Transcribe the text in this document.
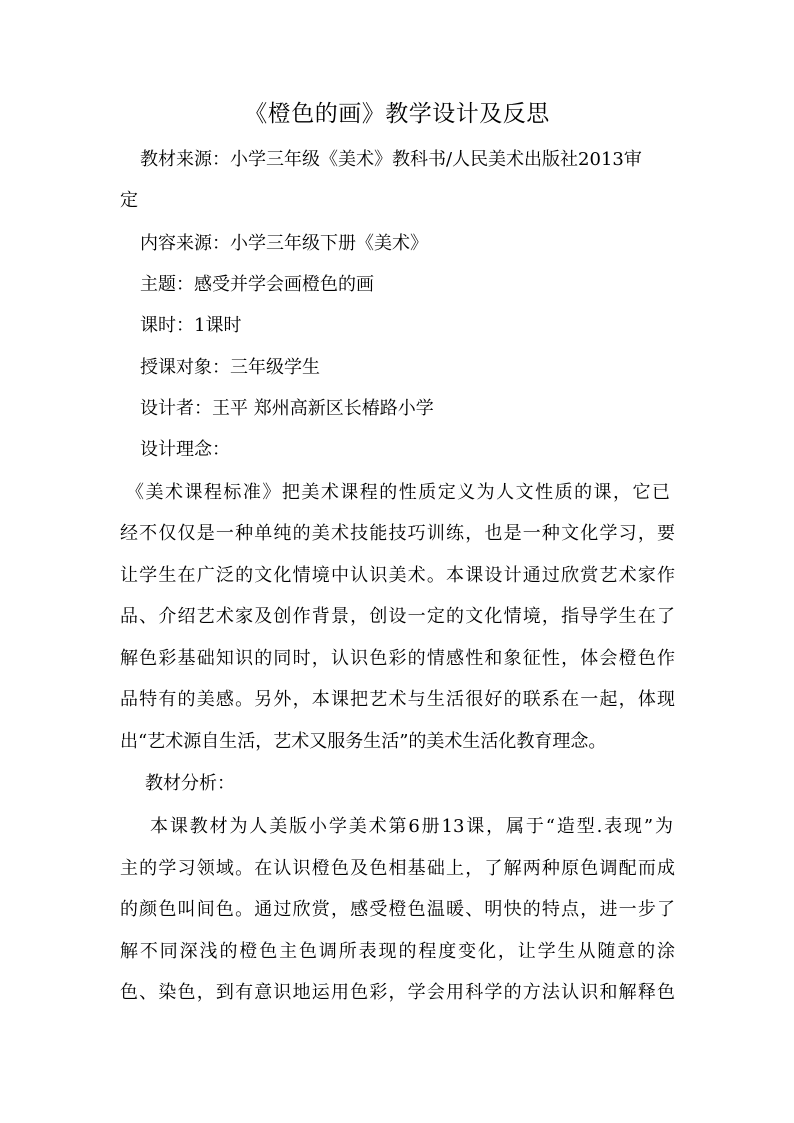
《橙色的画》教学设计及反思
教材来源：小学三年级《美术》教科书/人民美术出版社2013审
定
内容来源：小学三年级下册《美术》
主题：感受并学会画橙色的画
课时：1课时
授课对象：三年级学生
设计者：王平 郑州高新区长椿路小学
设计理念：
《美术课程标准》把美术课程的性质定义为人文性质的课，它已
经不仅仅是一种单纯的美术技能技巧训练，也是一种文化学习，要
让学生在广泛的文化情境中认识美术。本课设计通过欣赏艺术家作
品、介绍艺术家及创作背景，创设一定的文化情境，指导学生在了
解色彩基础知识的同时，认识色彩的情感性和象征性，体会橙色作
品特有的美感。另外，本课把艺术与生活很好的联系在一起，体现
出“艺术源自生活，艺术又服务生活”的美术生活化教育理念。
教材分析：
本课教材为人美版小学美术第6册13课，属于“造型.表现”为
主的学习领域。在认识橙色及色相基础上，了解两种原色调配而成
的颜色叫间色。通过欣赏，感受橙色温暖、明快的特点，进一步了
解不同深浅的橙色主色调所表现的程度变化，让学生从随意的涂
色、染色，到有意识地运用色彩，学会用科学的方法认识和解释色
